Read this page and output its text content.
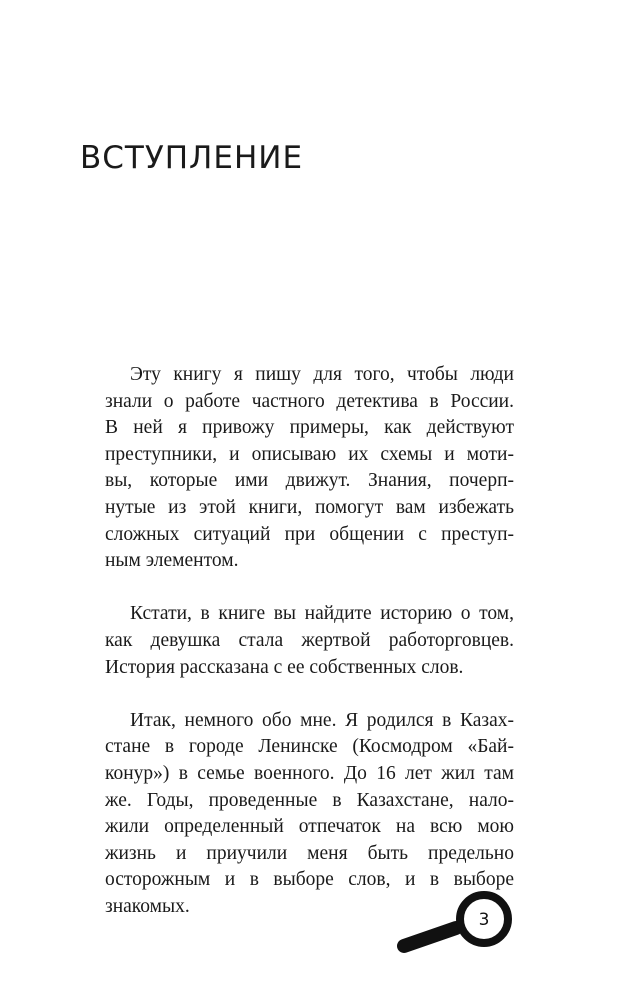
ВСТУПЛЕНИЕ

Эту книгу я пишу для того, чтобы люди
знали о работе частного детектива в России.
В ней я привожу примеры, как действуют
преступники, и описываю их схемы и моти-
вы, которые ими движут. Знания, почерп-
нутые из этой книги, помогут вам избежать
сложных ситуаций при общении с преступ-
ным элементом.

Кстати, в книге вы найдите историю о том,
как девушка стала жертвой работорговцев.
История рассказана с ее собственных слов.

Итак, немного обо мне. Я родился в Казах-
стане в городе Ленинске (Космодром «Бай-
конур») в семье военного. До 16 лет жил там
же. Годы, проведенные в Казахстане, нало-
жили определенный отпечаток на всю мою
жизнь и приучили меня быть предельно
осторожным и в выборе слов, и в выборе
знакомых.

3
